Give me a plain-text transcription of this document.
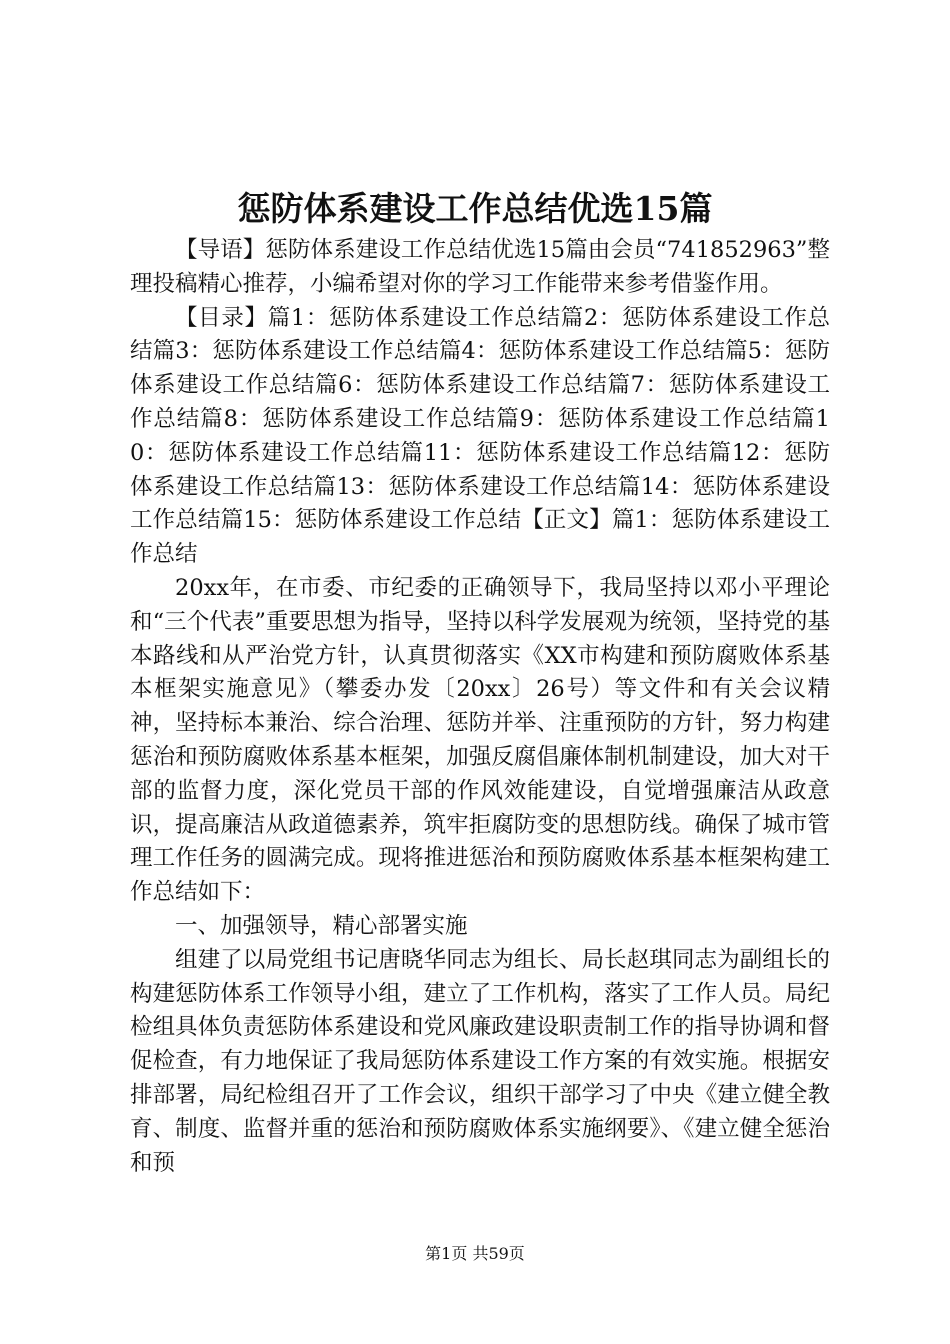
惩防体系建设工作总结优选15篇

【导语】惩防体系建设工作总结优选15篇由会员“741852963”整理投稿精心推荐，小编希望对你的学习工作能带来参考借鉴作用。

【目录】篇1：惩防体系建设工作总结篇2：惩防体系建设工作总结篇3：惩防体系建设工作总结篇4：惩防体系建设工作总结篇5：惩防体系建设工作总结篇6：惩防体系建设工作总结篇7：惩防体系建设工作总结篇8：惩防体系建设工作总结篇9：惩防体系建设工作总结篇10：惩防体系建设工作总结篇11：惩防体系建设工作总结篇12：惩防体系建设工作总结篇13：惩防体系建设工作总结篇14：惩防体系建设工作总结篇15：惩防体系建设工作总结【正文】篇1：惩防体系建设工作总结

20xx年，在市委、市纪委的正确领导下，我局坚持以邓小平理论和“三个代表”重要思想为指导，坚持以科学发展观为统领，坚持党的基本路线和从严治党方针，认真贯彻落实《XX市构建和预防腐败体系基本框架实施意见》（攀委办发〔20xx〕26号）等文件和有关会议精神，坚持标本兼治、综合治理、惩防并举、注重预防的方针，努力构建惩治和预防腐败体系基本框架，加强反腐倡廉体制机制建设，加大对干部的监督力度，深化党员干部的作风效能建设，自觉增强廉洁从政意识，提高廉洁从政道德素养，筑牢拒腐防变的思想防线。确保了城市管理工作任务的圆满完成。现将推进惩治和预防腐败体系基本框架构建工作总结如下：

一、加强领导，精心部署实施

组建了以局党组书记唐晓华同志为组长、局长赵琪同志为副组长的构建惩防体系工作领导小组，建立了工作机构，落实了工作人员。局纪检组具体负责惩防体系建设和党风廉政建设职责制工作的指导协调和督促检查，有力地保证了我局惩防体系建设工作方案的有效实施。根据安排部署，局纪检组召开了工作会议，组织干部学习了中央《建立健全教育、制度、监督并重的惩治和预防腐败体系实施纲要》、《建立健全惩治和预

第1页 共59页
